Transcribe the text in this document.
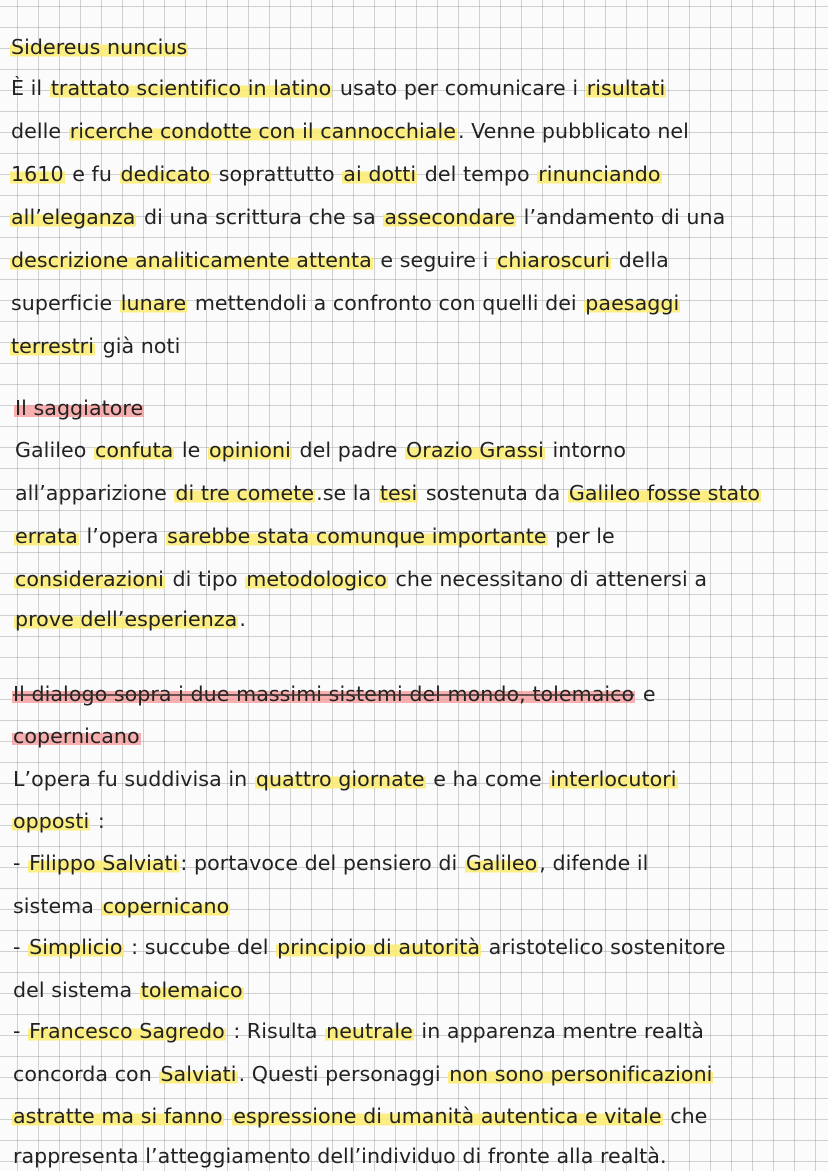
Sidereus nuncius
È il trattato scientifico in latino usato per comunicare i risultati
delle ricerche condotte con il cannocchiale. Venne pubblicato nel
1610 e fu dedicato soprattutto ai dotti del tempo rinunciando
all’eleganza di una scrittura che sa assecondare l’andamento di una
descrizione analiticamente attenta e seguire i chiaroscuri della
superficie lunare mettendoli a confronto con quelli dei paesaggi
terrestri già noti
Il saggiatore
Galileo confuta le opinioni del padre Orazio Grassi intorno
all’apparizione di tre comete.se la tesi sostenuta da Galileo fosse stato
errata l’opera sarebbe stata comunque importante per le
considerazioni di tipo metodologico che necessitano di attenersi a
prove dell’esperienza.
Il dialogo sopra i due massimi sistemi del mondo, tolemaico e
copernicano
L’opera fu suddivisa in quattro giornate e ha come interlocutori
opposti :
- Filippo Salviati: portavoce del pensiero di Galileo, difende il
sistema copernicano
- Simplicio : succube del principio di autorità aristotelico sostenitore
del sistema tolemaico
- Francesco Sagredo : Risulta neutrale in apparenza mentre realtà
concorda con Salviati. Questi personaggi non sono personificazioni
astratte ma si fanno espressione di umanità autentica e vitale che
rappresenta l’atteggiamento dell’individuo di fronte alla realtà.
